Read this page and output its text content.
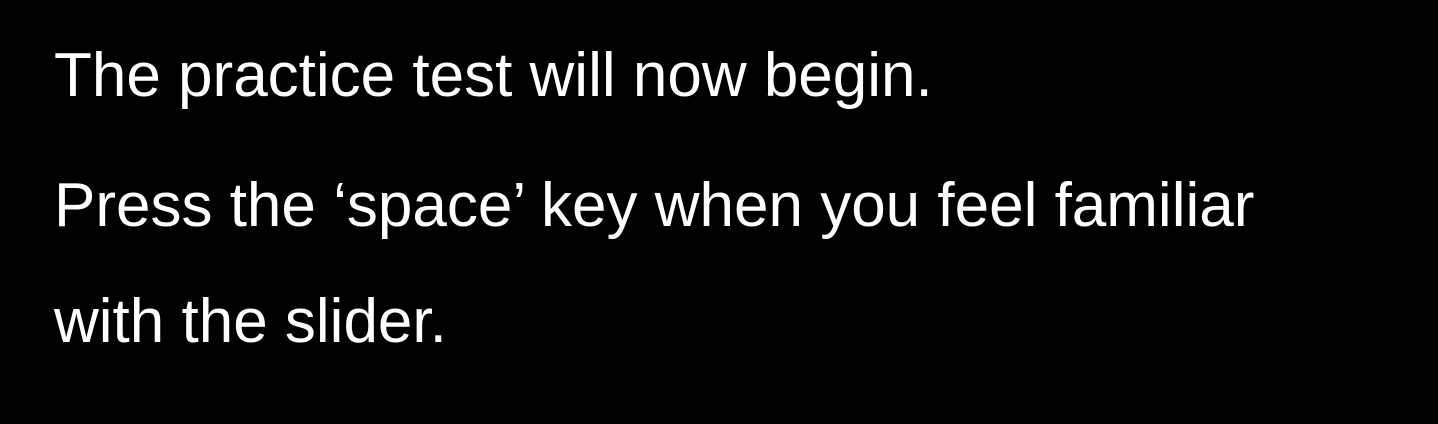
The practice test will now begin.

Press the ‘space’ key when you feel familiar
with the slider.
